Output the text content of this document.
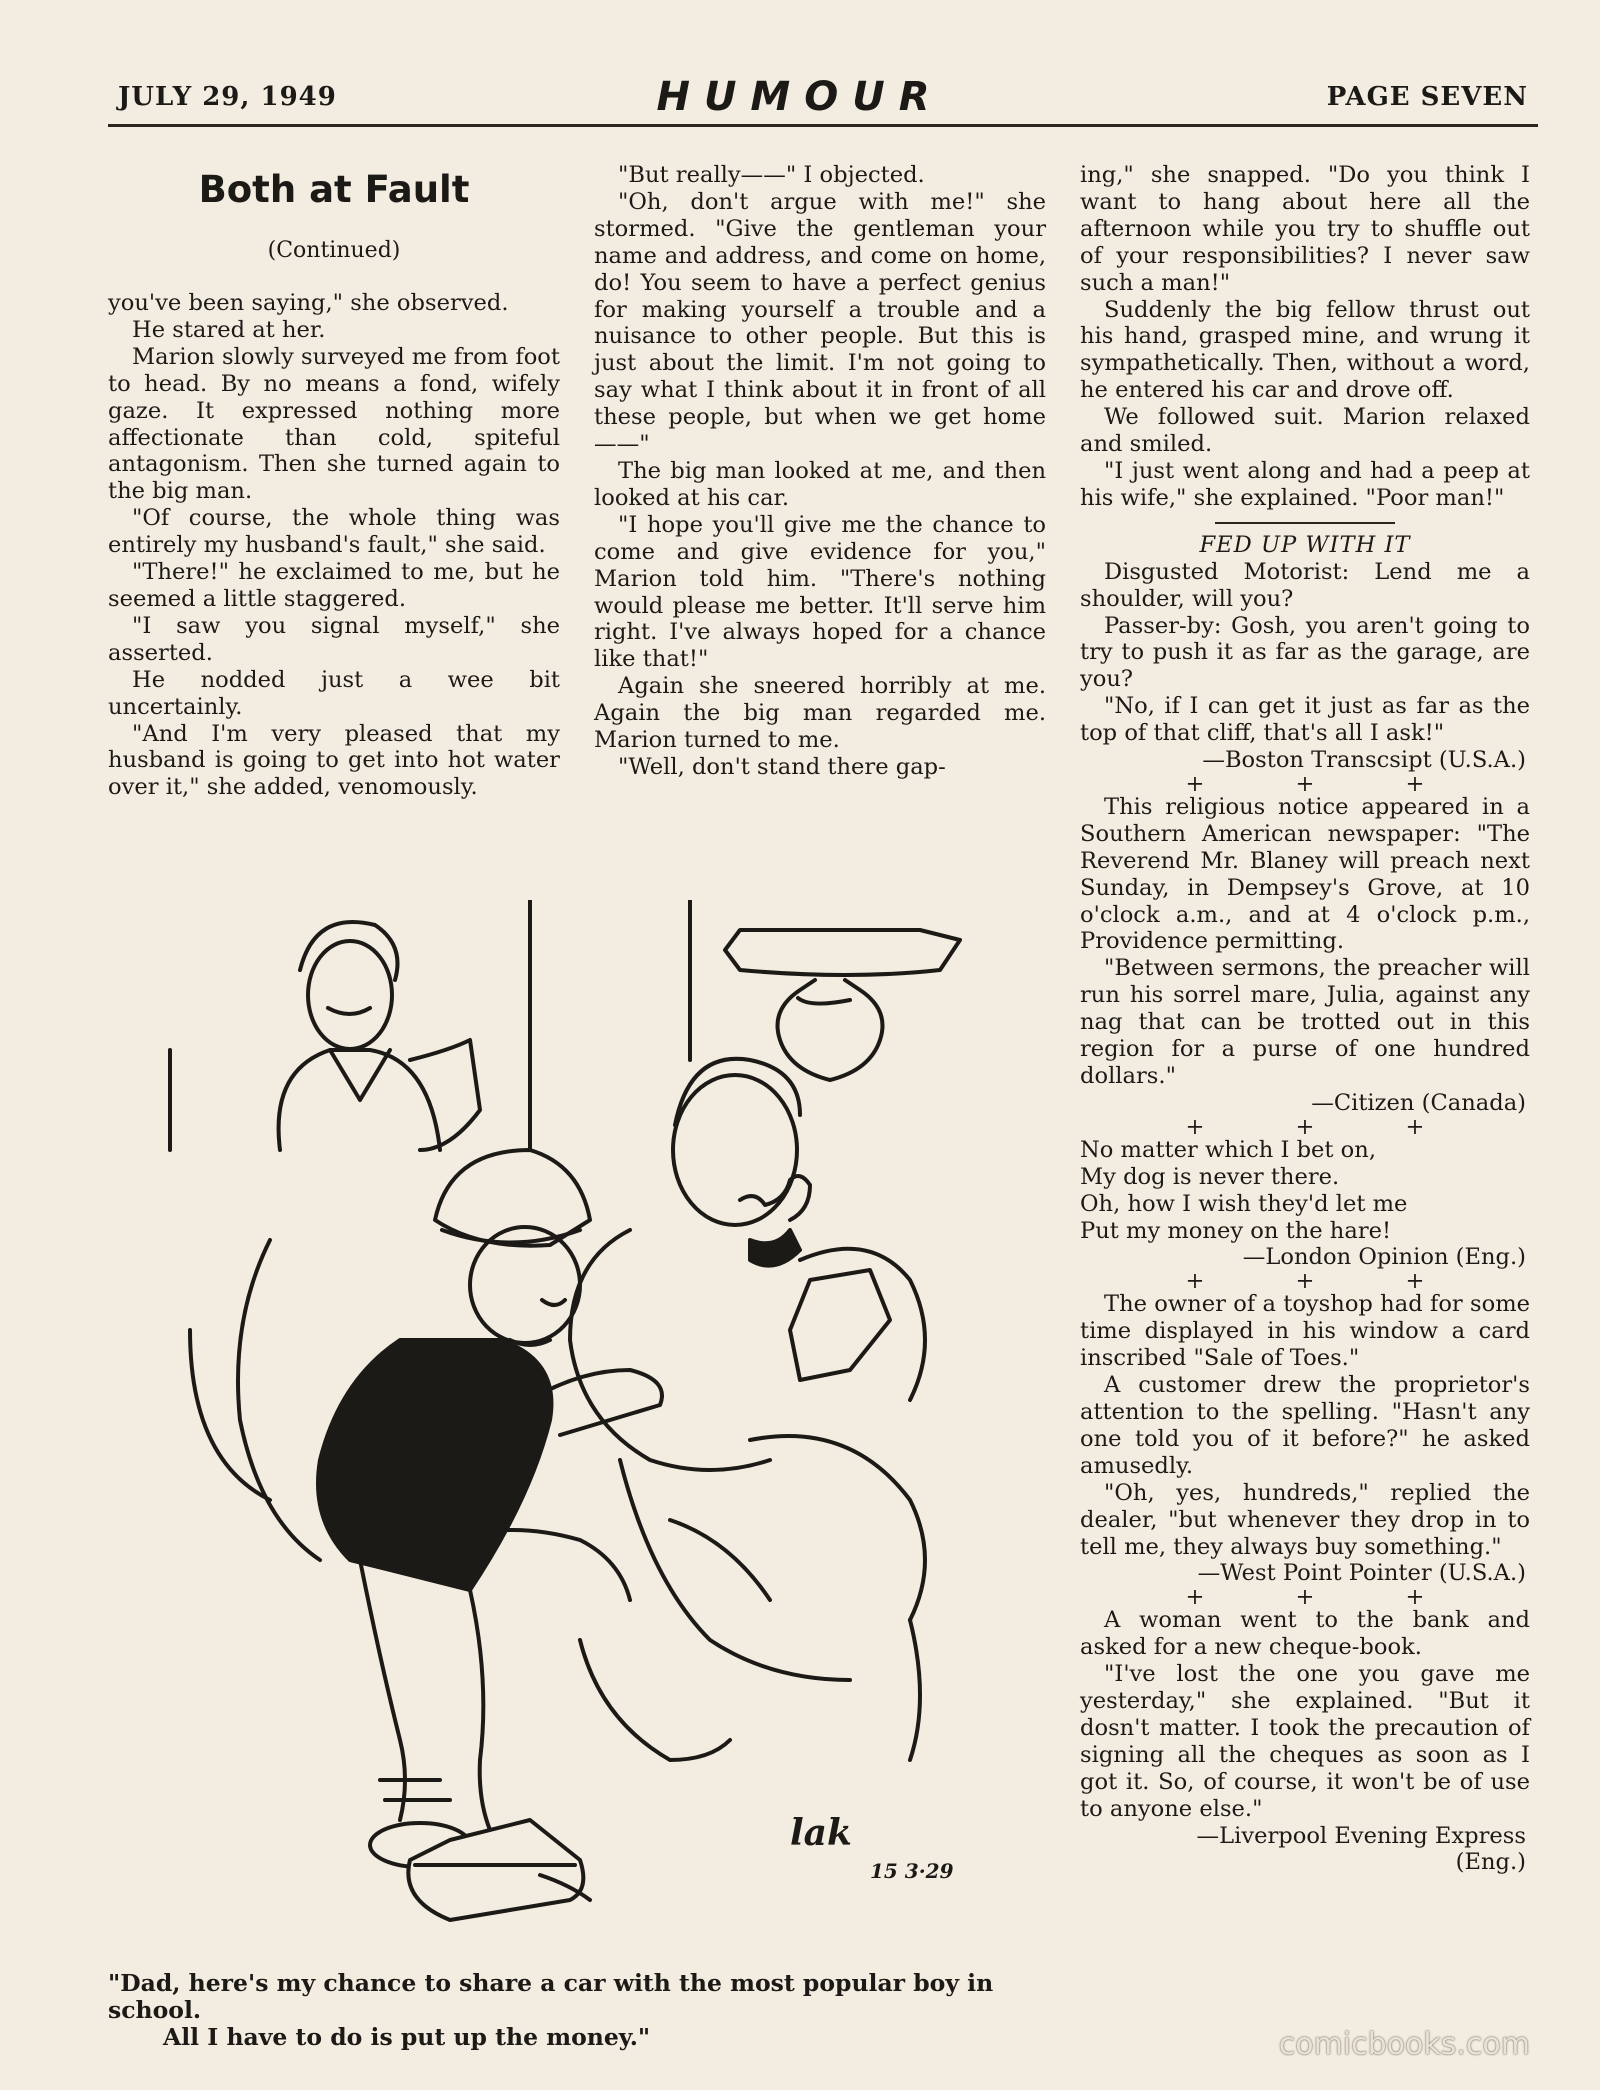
JULY 29, 1949	HUMOUR	PAGE SEVEN
Both at Fault
(Continued)

you've been saying," she observed.

He stared at her.

Marion slowly surveyed me from foot to head. By no means a fond, wifely gaze. It expressed nothing more affectionate than cold, spiteful antagonism. Then she turned again to the big man.

"Of course, the whole thing was entirely my husband's fault," she said.

"There!" he exclaimed to me, but he seemed a little staggered.

"I saw you signal myself," she asserted.

He nodded just a wee bit uncertainly.

"And I'm very pleased that my husband is going to get into hot water over it," she added, venomously.

"But really——" I objected.

"Oh, don't argue with me!" she stormed. "Give the gentleman your name and address, and come on home, do! You seem to have a perfect genius for making yourself a trouble and a nuisance to other people. But this is just about the limit. I'm not going to say what I think about it in front of all these people, but when we get home——"

The big man looked at me, and then looked at his car.

"I hope you'll give me the chance to come and give evidence for you," Marion told him. "There's nothing would please me better. It'll serve him right. I've always hoped for a chance like that!"

Again she sneered horribly at me. Again the big man regarded me. Marion turned to me.

"Well, don't stand there gap-

ing," she snapped. "Do you think I want to hang about here all the afternoon while you try to shuffle out of your responsibilities? I never saw such a man!"

Suddenly the big fellow thrust out his hand, grasped mine, and wrung it sympathetically. Then, without a word, he entered his car and drove off.

We followed suit. Marion relaxed and smiled.

"I just went along and had a peep at his wife," she explained. "Poor man!"

FED UP WITH IT

Disgusted Motorist: Lend me a shoulder, will you?

Passer-by: Gosh, you aren't going to try to push it as far as the garage, are you?

"No, if I can get it just as far as the top of that cliff, that's all I ask!"

—Boston Transcsipt (U.S.A.)

+	+	+

This religious notice appeared in a Southern American newspaper: "The Reverend Mr. Blaney will preach next Sunday, in Dempsey's Grove, at 10 o'clock a.m., and at 4 o'clock p.m., Providence permitting.

"Between sermons, the preacher will run his sorrel mare, Julia, against any nag that can be trotted out in this region for a purse of one hundred dollars."

—Citizen (Canada)

+	+	+

No matter which I bet on,

My dog is never there.

Oh, how I wish they'd let me

Put my money on the hare!

—London Opinion (Eng.)

+	+	+

The owner of a toyshop had for some time displayed in his window a card inscribed "Sale of Toes."

A customer drew the proprietor's attention to the spelling. "Hasn't any one told you of it before?" he asked amusedly.

"Oh, yes, hundreds," replied the dealer, "but whenever they drop in to tell me, they always buy something."

—West Point Pointer (U.S.A.)

+	+	+

A woman went to the bank and asked for a new cheque-book.

"I've lost the one you gave me yesterday," she explained. "But it dosn't matter. I took the precaution of signing all the cheques as soon as I got it. So, of course, it won't be of use to anyone else."

—Liverpool Evening Express

(Eng.)

lak
15 3·29
"Dad, here's my chance to share a car with the most popular boy in school.
All I have to do is put up the money."	comicbooks.com
